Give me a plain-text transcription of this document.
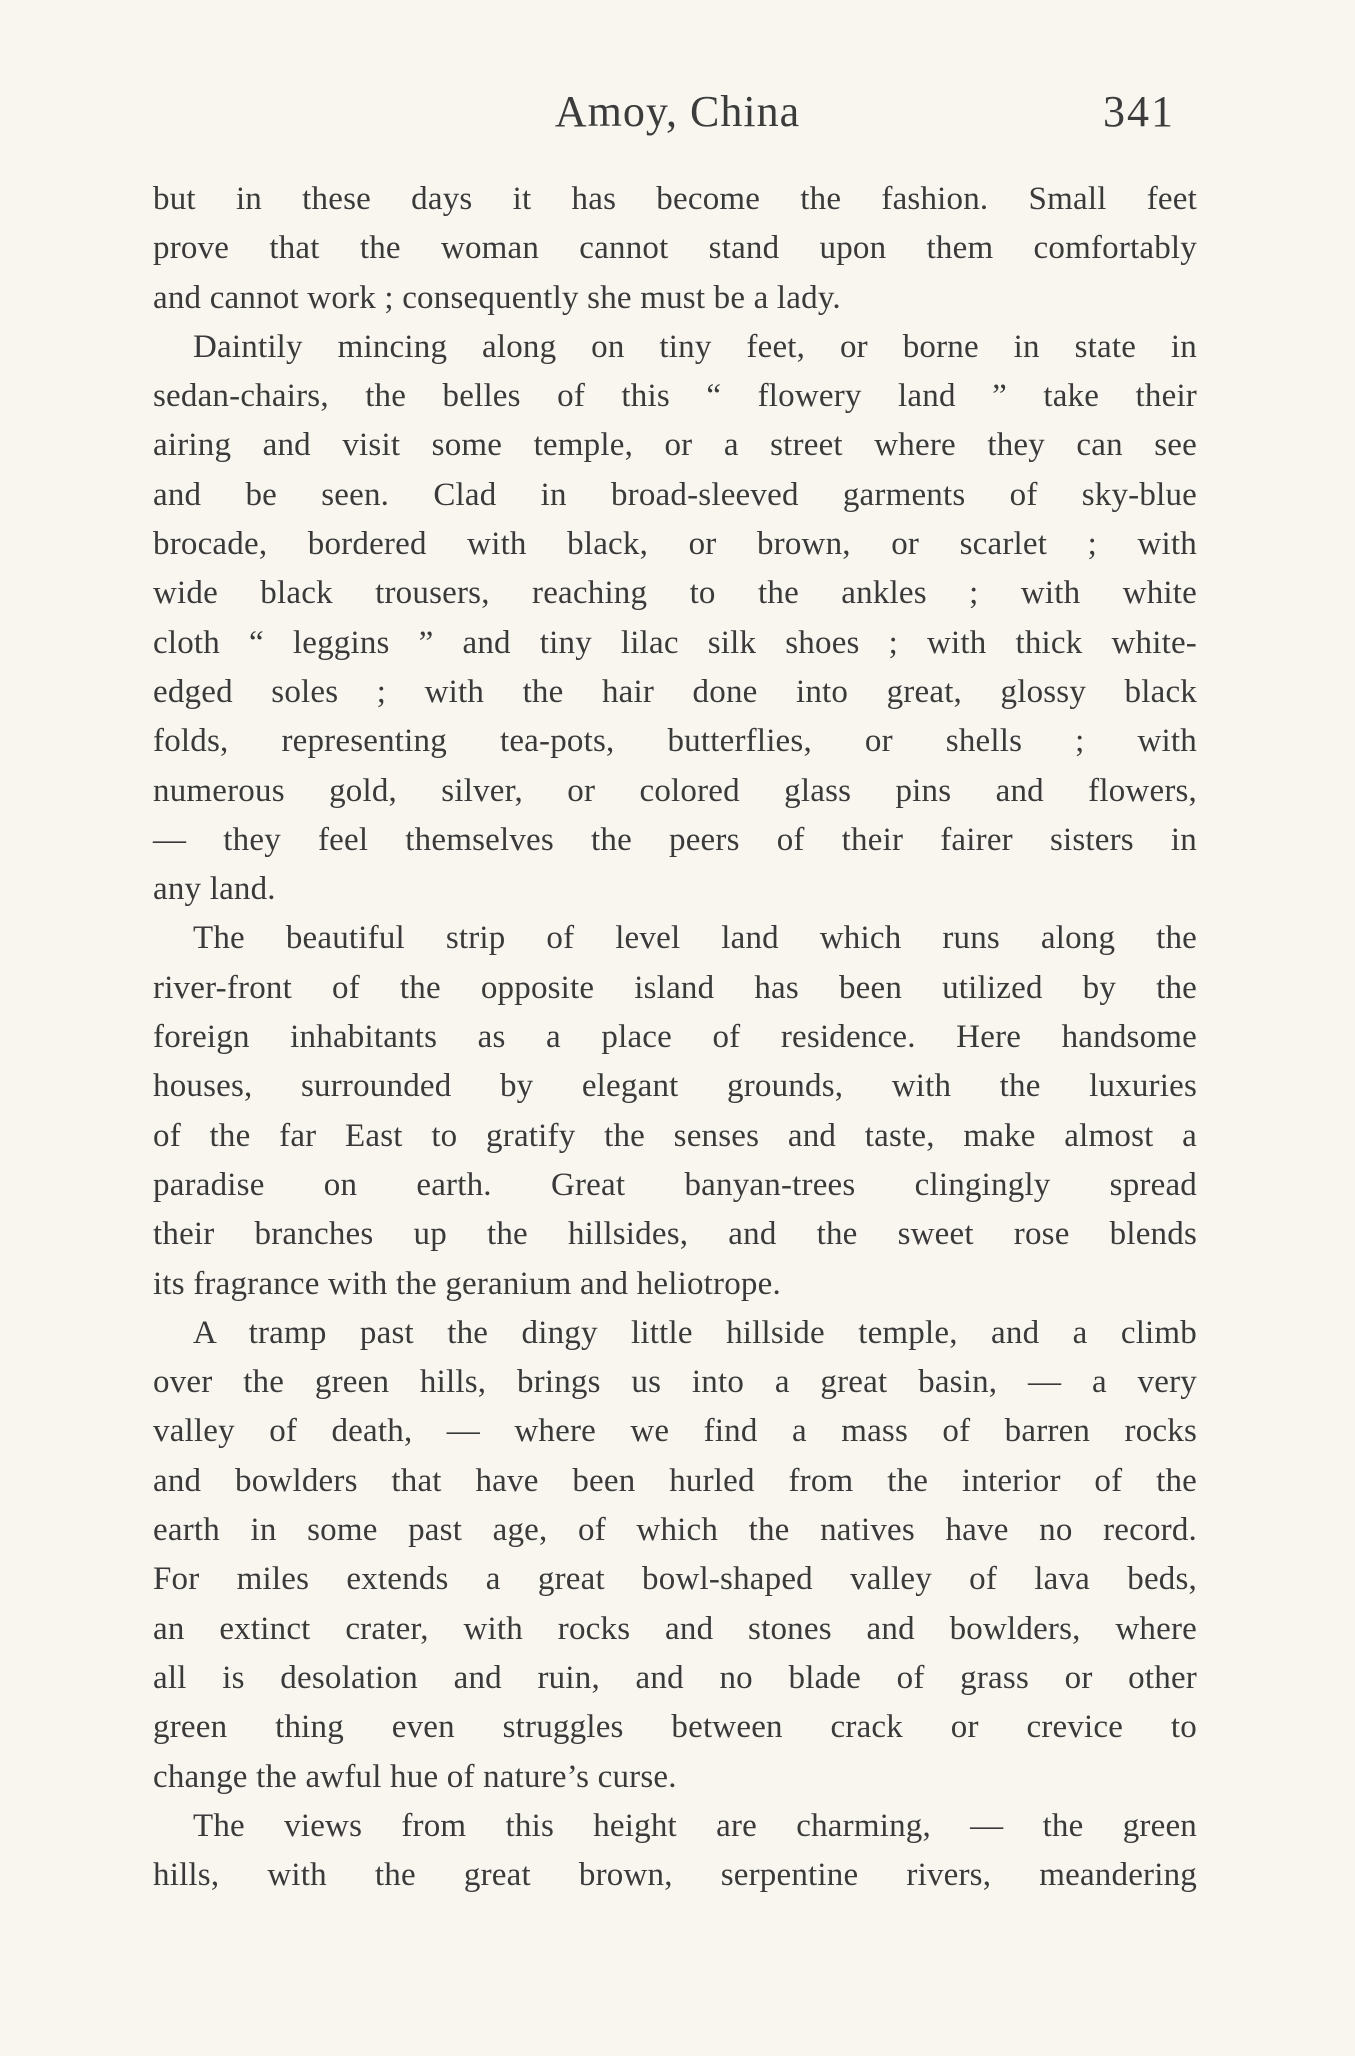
Amoy, China	341
but in these days it has become the fashion. Small feet
prove that the woman cannot stand upon them comfortably
and cannot work ; consequently she must be a lady.
Daintily mincing along on tiny feet, or borne in state in
sedan-chairs, the belles of this “ flowery land ” take their
airing and visit some temple, or a street where they can see
and be seen. Clad in broad-sleeved garments of sky-blue
brocade, bordered with black, or brown, or scarlet ; with
wide black trousers, reaching to the ankles ; with white
cloth “ leggins ” and tiny lilac silk shoes ; with thick white-
edged soles ; with the hair done into great, glossy black
folds, representing tea-pots, butterflies, or shells ; with
numerous gold, silver, or colored glass pins and flowers,
— they feel themselves the peers of their fairer sisters in
any land.
The beautiful strip of level land which runs along the
river-front of the opposite island has been utilized by the
foreign inhabitants as a place of residence. Here handsome
houses, surrounded by elegant grounds, with the luxuries
of the far East to gratify the senses and taste, make almost a
paradise on earth. Great banyan-trees clingingly spread
their branches up the hillsides, and the sweet rose blends
its fragrance with the geranium and heliotrope.
A tramp past the dingy little hillside temple, and a climb
over the green hills, brings us into a great basin, — a very
valley of death, — where we find a mass of barren rocks
and bowlders that have been hurled from the interior of the
earth in some past age, of which the natives have no record.
For miles extends a great bowl-shaped valley of lava beds,
an extinct crater, with rocks and stones and bowlders, where
all is desolation and ruin, and no blade of grass or other
green thing even struggles between crack or crevice to
change the awful hue of nature’s curse.
The views from this height are charming, — the green
hills, with the great brown, serpentine rivers, meandering
